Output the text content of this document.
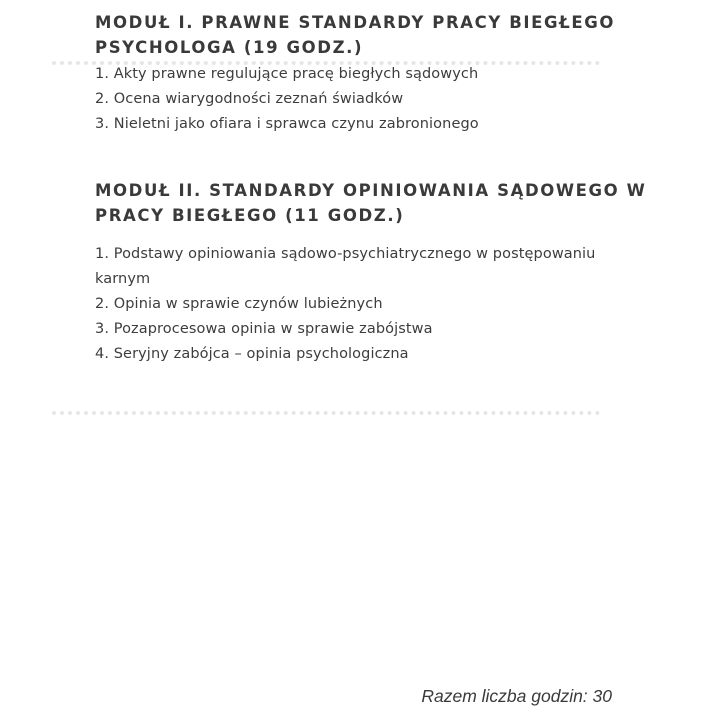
MODUŁ I. PRAWNE STANDARDY PRACY BIEGŁEGO PSYCHOLOGA (19 GODZ.)
1. Akty prawne regulujące pracę biegłych sądowych
2. Ocena wiarygodności zeznań świadków
3. Nieletni jako ofiara i sprawca czynu zabronionego
MODUŁ II. STANDARDY OPINIOWANIA SĄDOWEGO W PRACY BIEGŁEGO (11 GODZ.)
1. Podstawy opiniowania sądowo-psychiatrycznego w postępowaniu karnym
2. Opinia w sprawie czynów lubieżnych
3. Pozaprocesowa opinia w sprawie zabójstwa
4. Seryjny zabójca – opinia psychologiczna
Razem liczba godzin: 30
